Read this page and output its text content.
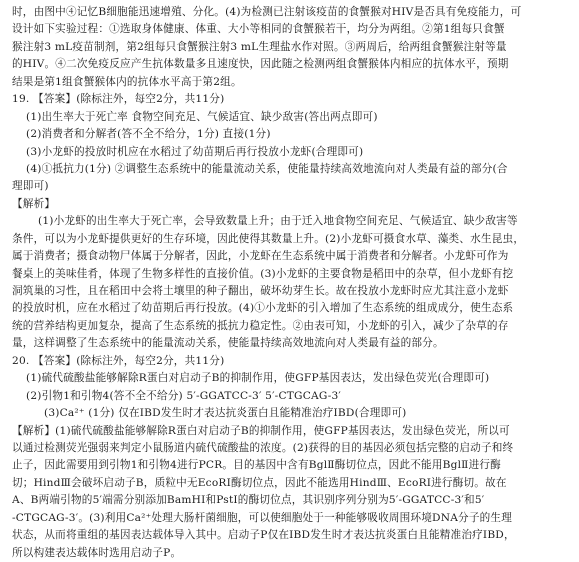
时，由图中④记忆B细胞能迅速增殖、分化。(4)为检测已注射该疫苗的食蟹猴对HIV是否具有免疫能力，可
设计如下实验过程：①选取身体健康、体重、大小等相同的食蟹猴若干，均分为两组。②第1组每只食蟹
猴注射3 mL疫苗制剂，第2组每只食蟹猴注射3 mL生理盐水作对照。③两周后，给两组食蟹猴注射等量
的HIV。④二次免疫反应产生抗体数量多且速度快，因此随之检测两组食蟹猴体内相应的抗体水平，预期
结果是第1组食蟹猴体内的抗体水平高于第2组。
19. 【答案】(除标注外，每空2分，共11分)
(1)出生率大于死亡率 食物空间充足、气候适宜、缺少敌害(答出两点即可)
(2)消费者和分解者(答不全不给分，1分) 直接(1分)
(3)小龙虾的投放时机应在水稻过了幼苗期后再行投放小龙虾(合理即可)
(4)①抵抗力(1分) ②调整生态系统中的能量流动关系，使能量持续高效地流向对人类最有益的部分(合
理即可)
【解析】
(1)小龙虾的出生率大于死亡率，会导致数量上升；由于迁入地食物空间充足、气候适宜、缺少敌害等
条件，可以为小龙虾提供更好的生存环境，因此使得其数量上升。(2)小龙虾可摄食水草、藻类、水生昆虫，
属于消费者；摄食动物尸体属于分解者，因此，小龙虾在生态系统中属于消费者和分解者。小龙虾可作为
餐桌上的美味佳肴，体现了生物多样性的直接价值。(3)小龙虾的主要食物是稻田中的杂草，但小龙虾有挖
洞筑巢的习性，且在稻田中会将土壤里的种子翻出，破坏幼芽生长。故在投放小龙虾时应尤其注意小龙虾
的投放时机，应在水稻过了幼苗期后再行投放。(4)①小龙虾的引入增加了生态系统的组成成分，使生态系
统的营养结构更加复杂，提高了生态系统的抵抗力稳定性。②由表可知，小龙虾的引入，减少了杂草的存
量，这样调整了生态系统中的能量流动关系，使能量持续高效地流向对人类最有益的部分。
20. 【答案】(除标注外，每空2分，共11分)
(1)硫代硫酸盐能够解除R蛋白对启动子B的抑制作用，使GFP基因表达，发出绿色荧光(合理即可)
(2)引物1和引物4(答不全不给分) 5′-GGATCC-3′ 5′-CTGCAG-3′
(3)Ca²⁺ (1分) 仅在IBD发生时才表达抗炎蛋白且能精准治疗IBD(合理即可)
【解析】(1)硫代硫酸盐能够解除R蛋白对启动子B的抑制作用，使GFP基因表达，发出绿色荧光，所以可
以通过检测荧光强弱来判定小鼠肠道内硫代硫酸盐的浓度。(2)获得的目的基因必须包括完整的启动子和终
止子，因此需要用到引物1和引物4进行PCR。目的基因中含有BglⅡ酶切位点，因此不能用BglⅡ进行酶
切；HindⅢ会破坏启动子B，质粒中无EcoRⅠ酶切位点，因此不能选用HindⅢ、EcoRⅠ进行酶切。故在
A、B两端引物的5′端需分别添加BamHⅠ和PstⅠ的酶切位点，其识别序列分别为5′-GGATCC-3′和5′
-CTGCAG-3′。(3)利用Ca²⁺处理大肠杆菌细胞，可以使细胞处于一种能够吸收周围环境DNA分子的生理
状态，从而将重组的基因表达载体导入其中。启动子P仅在IBD发生时才表达抗炎蛋白且能精准治疗IBD，
所以构建表达载体时选用启动子P。
